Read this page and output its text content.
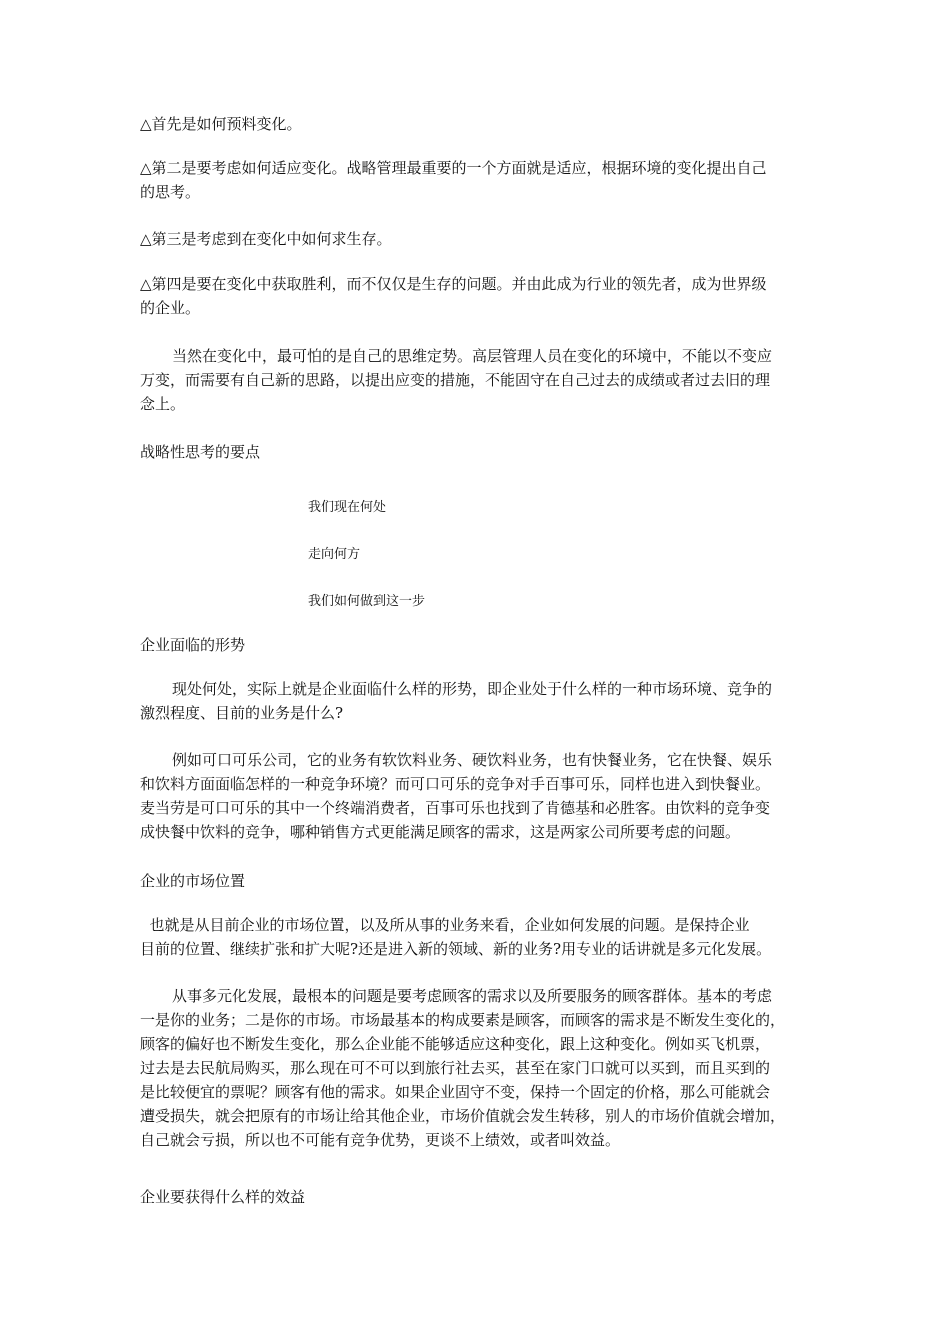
△首先是如何预料变化。

△第二是要考虑如何适应变化。战略管理最重要的一个方面就是适应，根据环境的变化提出自己
的思考。

△第三是考虑到在变化中如何求生存。

△第四是要在变化中获取胜利，而不仅仅是生存的问题。并由此成为行业的领先者，成为世界级
的企业。

当然在变化中，最可怕的是自己的思维定势。高层管理人员在变化的环境中，不能以不变应
万变，而需要有自己新的思路，以提出应变的措施，不能固守在自己过去的成绩或者过去旧的理
念上。

战略性思考的要点

我们现在何处

走向何方

我们如何做到这一步

企业面临的形势

现处何处，实际上就是企业面临什么样的形势，即企业处于什么样的一种市场环境、竞争的
激烈程度、目前的业务是什么?

例如可口可乐公司，它的业务有软饮料业务、硬饮料业务，也有快餐业务，它在快餐、娱乐
和饮料方面面临怎样的一种竞争环境？而可口可乐的竞争对手百事可乐，同样也进入到快餐业。
麦当劳是可口可乐的其中一个终端消费者，百事可乐也找到了肯德基和必胜客。由饮料的竞争变
成快餐中饮料的竞争，哪种销售方式更能满足顾客的需求，这是两家公司所要考虑的问题。

企业的市场位置

也就是从目前企业的市场位置，以及所从事的业务来看，企业如何发展的问题。是保持企业
目前的位置、继续扩张和扩大呢?还是进入新的领域、新的业务?用专业的话讲就是多元化发展。

从事多元化发展，最根本的问题是要考虑顾客的需求以及所要服务的顾客群体。基本的考虑
一是你的业务；二是你的市场。市场最基本的构成要素是顾客，而顾客的需求是不断发生变化的，
顾客的偏好也不断发生变化，那么企业能不能够适应这种变化，跟上这种变化。例如买飞机票，
过去是去民航局购买，那么现在可不可以到旅行社去买，甚至在家门口就可以买到，而且买到的
是比较便宜的票呢？顾客有他的需求。如果企业固守不变，保持一个固定的价格，那么可能就会
遭受损失，就会把原有的市场让给其他企业，市场价值就会发生转移，别人的市场价值就会增加，
自己就会亏损，所以也不可能有竞争优势，更谈不上绩效，或者叫效益。

企业要获得什么样的效益
